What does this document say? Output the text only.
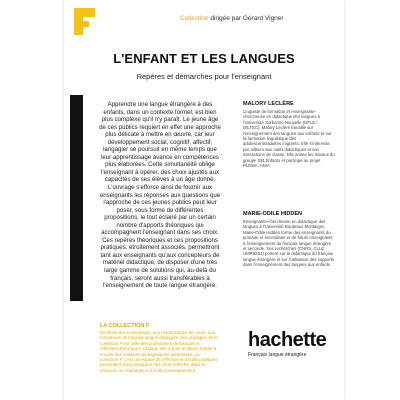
Collection dirigée par Gérard Vigner
L'ENFANT ET LES LANGUES
Repères et démarches pour l'enseignant

Apprendre une langue étrangère à des enfants, dans un contexte formel, est bien plus complexe qu'il n'y paraît. Le jeune âge de ces publics requiert en effet une approche plus délicate à mettre en œuvre, car leur développement social, cognitif, affectif, langagier se poursuit en même temps que leur apprentissage avance en compétences plus élaborées. Cette simultanéité oblige l'enseignant à opérer, des choix ajustés aux capacités de ses élèves à un âge donné. L'ouvrage s'efforce ainsi de fournir aux enseignants les réponses aux questions que l'approche de ces jeunes publics peut leur poser, sous forme de différentes propositions, le tout éclairé par un certain nombre d'apports théoriques qui accompagnent l'enseignant dans ses choix. Ces repères théoriques et ces propositions pratiques, étroitement associés, permettront tant aux enseignants qu'aux concepteurs de matériel didactique, de disposer d'une très large gamme de solutions qui, au-delà du français, seront aussi transférables à l'enseignement de toute langue étrangère.

MALORY LECLÈRE

Linguiste de formation et enseignante-chercheuse en didactique des langues à l'Université Sorbonne Nouvelle (DFLE / DILTEC), Malory Leclère travaille sur l'enseignement des langues aux enfants et sur la formation linguistique des adolescents/adultes migrants. Elle s'intéresse par ailleurs aux outils didactiques et aux interactions de classe. Elle anime les travaux du groupe SELEnfants et participe au projet PLEMA, ANIA.

MARIE-ODILE HIDDEN

Enseignante-chercheuse en didactique des langues à l'Université Bordeaux Montaigne, Marie-Odile Hidden forme des enseignants du primaire et secondaire et de futurs enseignants à l'enseignement du français langue étrangère et seconde. Ses recherches (CNRS, CLLE UMR5263) portent sur la didactique du français langue étrangère et sur l'utilisation des supports dans l'enseignement des langues aux enfants.

LA COLLECTION F

Destinée aux enseignants, aux responsables de cours, aux formateurs de français langue étrangère, aux ouvrages de la collection F est celle des professeurs de français et réflexions théoriques. Chaque titre a pour ambition d'aider à trouver des solutions pédagogiques pertinentes. La collection F, c'est un espace de réflexion et d'outils pratiques permettant d'accompagner des choix réfléchis dans la sélection ou l'élaboration d'outils d'enseignement.

hachette
Français langue étrangère
